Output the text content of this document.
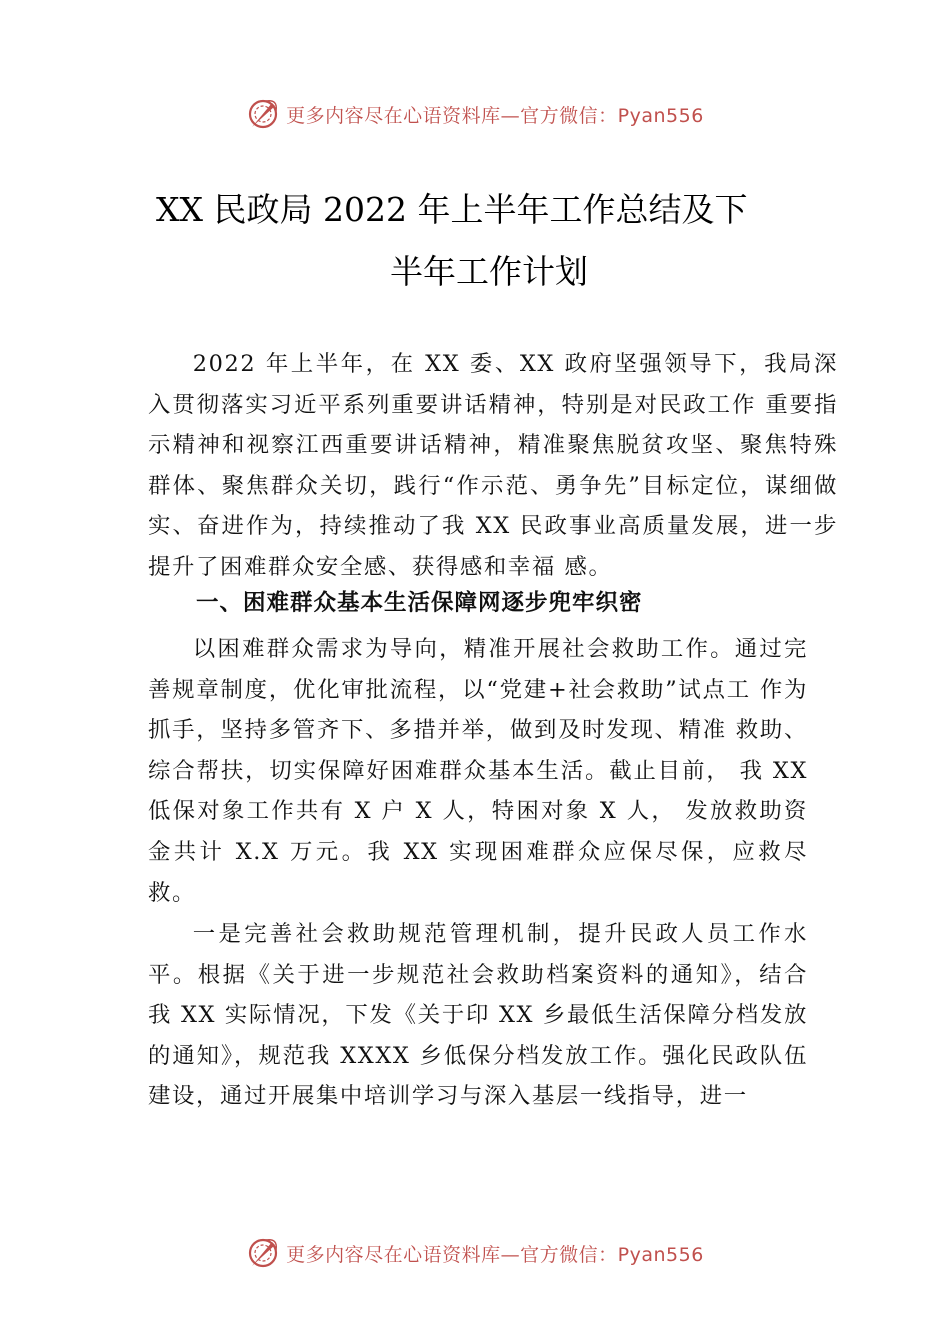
更多内容尽在心语资料库—官方微信：Pyan556
XX 民政局 2022 年上半年工作总结及下
半年工作计划

2022 年上半年，在 XX 委、XX 政府坚强领导下，我局深入贯彻落实习近平系列重要讲话精神，特别是对民政工作 重要指示精神和视察江西重要讲话精神，精准聚焦脱贫攻坚、聚焦特殊群体、聚焦群众关切，践行“作示范、勇争先”目标定位，谋细做实、奋进作为，持续推动了我 XX 民政事业高质量发展，进一步提升了困难群众安全感、获得感和幸福 感。

一、困难群众基本生活保障网逐步兜牢织密

以困难群众需求为导向，精准开展社会救助工作。通过完善规章制度，优化审批流程，以“党建+社会救助”试点工 作为抓手，坚持多管齐下、多措并举，做到及时发现、精准 救助、综合帮扶，切实保障好困难群众基本生活。截止目前， 我 XX 低保对象工作共有 X 户 X 人，特困对象 X 人， 发放救助资金共计 X.X 万元。我 XX 实现困难群众应保尽保，应救尽救。

一是完善社会救助规范管理机制，提升民政人员工作水平。根据《关于进一步规范社会救助档案资料的通知》，结合我 XX 实际情况，下发《关于印 XX 乡最低生活保障分档发放的通知》，规范我 XXXX 乡低保分档发放工作。强化民政队伍建设，通过开展集中培训学习与深入基层一线指导，进一

更多内容尽在心语资料库—官方微信：Pyan556
